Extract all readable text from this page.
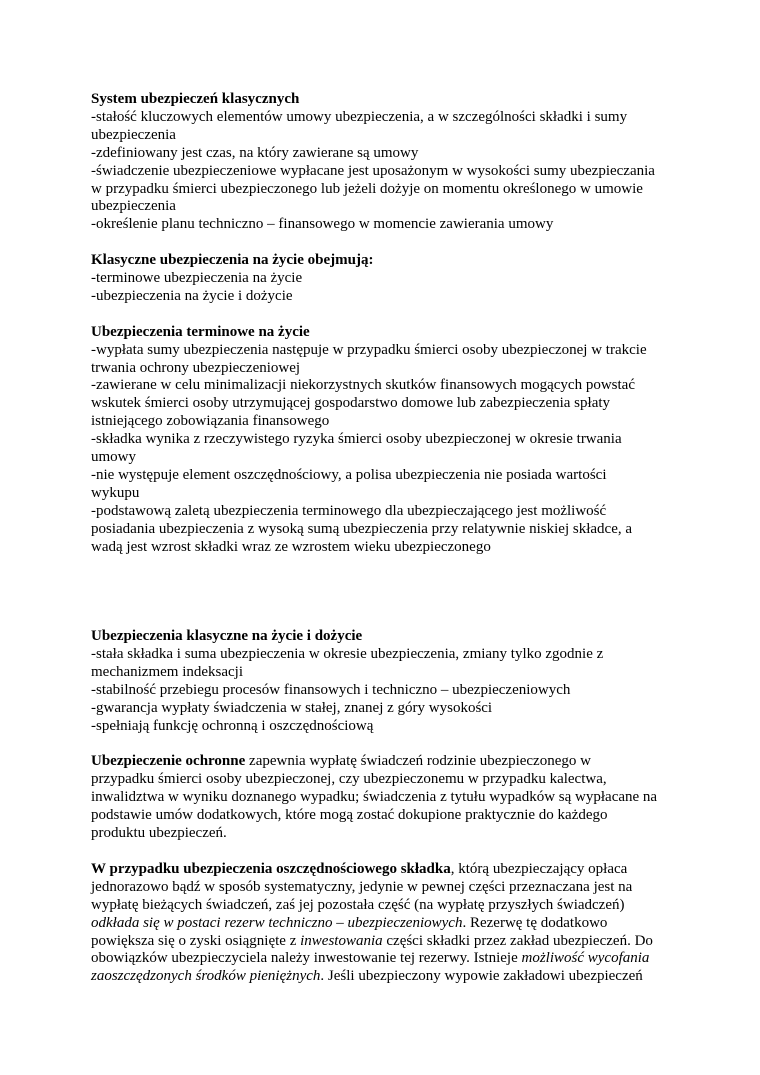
System ubezpieczeń klasycznych
-stałość kluczowych elementów umowy ubezpieczenia, a w szczególności składki i sumy
ubezpieczenia
-zdefiniowany jest czas, na który zawierane są umowy
-świadczenie ubezpieczeniowe wypłacane jest uposażonym w wysokości sumy ubezpieczania
w przypadku śmierci ubezpieczonego lub jeżeli dożyje on momentu określonego w umowie
ubezpieczenia
-określenie planu techniczno – finansowego w momencie zawierania umowy
Klasyczne ubezpieczenia na życie obejmują:
-terminowe ubezpieczenia na życie
-ubezpieczenia na życie i dożycie
Ubezpieczenia terminowe na życie
-wypłata sumy ubezpieczenia następuje w przypadku śmierci osoby ubezpieczonej w trakcie
trwania ochrony ubezpieczeniowej
-zawierane w celu minimalizacji niekorzystnych skutków finansowych mogących powstać
wskutek śmierci osoby utrzymującej gospodarstwo domowe lub zabezpieczenia spłaty
istniejącego zobowiązania finansowego
-składka wynika z rzeczywistego ryzyka śmierci osoby ubezpieczonej w okresie trwania
umowy
-nie występuje element oszczędnościowy, a polisa ubezpieczenia nie posiada wartości
wykupu
-podstawową zaletą ubezpieczenia terminowego dla ubezpieczającego jest możliwość
posiadania ubezpieczenia z wysoką sumą ubezpieczenia przy relatywnie niskiej składce, a
wadą jest wzrost składki wraz ze wzrostem wieku ubezpieczonego
Ubezpieczenia klasyczne na życie i dożycie
-stała składka i suma ubezpieczenia w okresie ubezpieczenia, zmiany tylko zgodnie z
mechanizmem indeksacji
-stabilność przebiegu procesów finansowych i techniczno – ubezpieczeniowych
-gwarancja wypłaty świadczenia w stałej, znanej z góry wysokości
-spełniają funkcję ochronną i oszczędnościową
Ubezpieczenie ochronne zapewnia wypłatę świadczeń rodzinie ubezpieczonego w
przypadku śmierci osoby ubezpieczonej, czy ubezpieczonemu w przypadku kalectwa,
inwalidztwa w wyniku doznanego wypadku; świadczenia z tytułu wypadków są wypłacane na
podstawie umów dodatkowych, które mogą zostać dokupione praktycznie do każdego
produktu ubezpieczeń.
W przypadku ubezpieczenia oszczędnościowego składka, którą ubezpieczający opłaca
jednorazowo bądź w sposób systematyczny, jedynie w pewnej części przeznaczana jest na
wypłatę bieżących świadczeń, zaś jej pozostała część (na wypłatę przyszłych świadczeń)
odkłada się w postaci rezerw techniczno – ubezpieczeniowych. Rezerwę tę dodatkowo
powiększa się o zyski osiągnięte z inwestowania części składki przez zakład ubezpieczeń. Do
obowiązków ubezpieczyciela należy inwestowanie tej rezerwy. Istnieje możliwość wycofania
zaoszczędzonych środków pieniężnych. Jeśli ubezpieczony wypowie zakładowi ubezpieczeń
